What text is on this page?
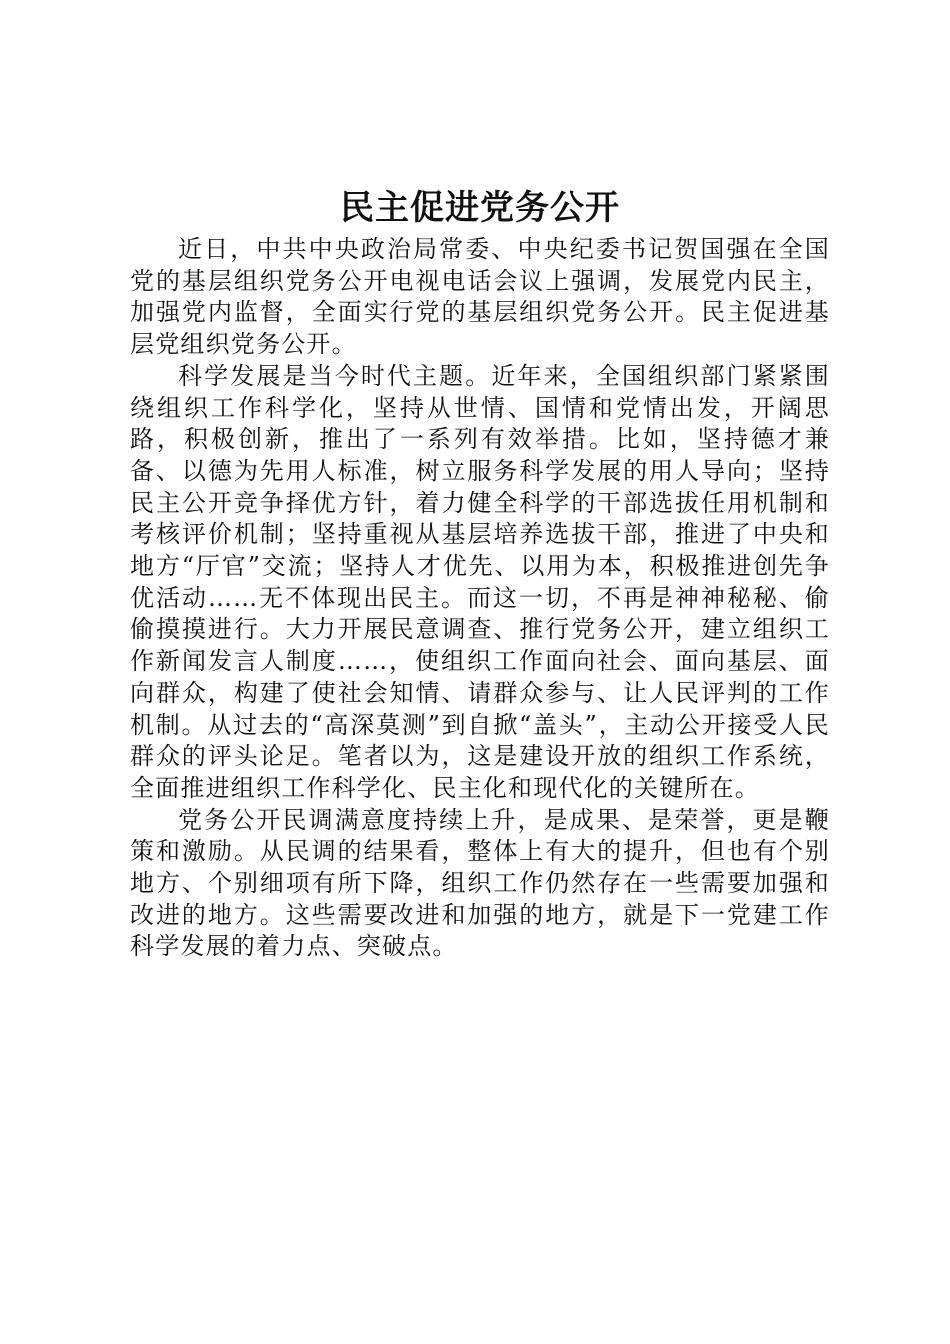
民主促进党务公开

近日，中共中央政治局常委、中央纪委书记贺国强在全国党的基层组织党务公开电视电话会议上强调，发展党内民主，加强党内监督，全面实行党的基层组织党务公开。民主促进基层党组织党务公开。

科学发展是当今时代主题。近年来，全国组织部门紧紧围绕组织工作科学化，坚持从世情、国情和党情出发，开阔思路，积极创新，推出了一系列有效举措。比如，坚持德才兼备、以德为先用人标准，树立服务科学发展的用人导向；坚持民主公开竞争择优方针，着力健全科学的干部选拔任用机制和考核评价机制；坚持重视从基层培养选拔干部，推进了中央和地方“厅官”交流；坚持人才优先、以用为本，积极推进创先争优活动……无不体现出民主。而这一切，不再是神神秘秘、偷偷摸摸进行。大力开展民意调查、推行党务公开，建立组织工作新闻发言人制度……，使组织工作面向社会、面向基层、面向群众，构建了使社会知情、请群众参与、让人民评判的工作机制。从过去的“高深莫测”到自掀“盖头”，主动公开接受人民群众的评头论足。笔者以为，这是建设开放的组织工作系统，全面推进组织工作科学化、民主化和现代化的关键所在。

党务公开民调满意度持续上升，是成果、是荣誉，更是鞭策和激励。从民调的结果看，整体上有大的提升，但也有个别地方、个别细项有所下降，组织工作仍然存在一些需要加强和改进的地方。这些需要改进和加强的地方，就是下一党建工作科学发展的着力点、突破点。
